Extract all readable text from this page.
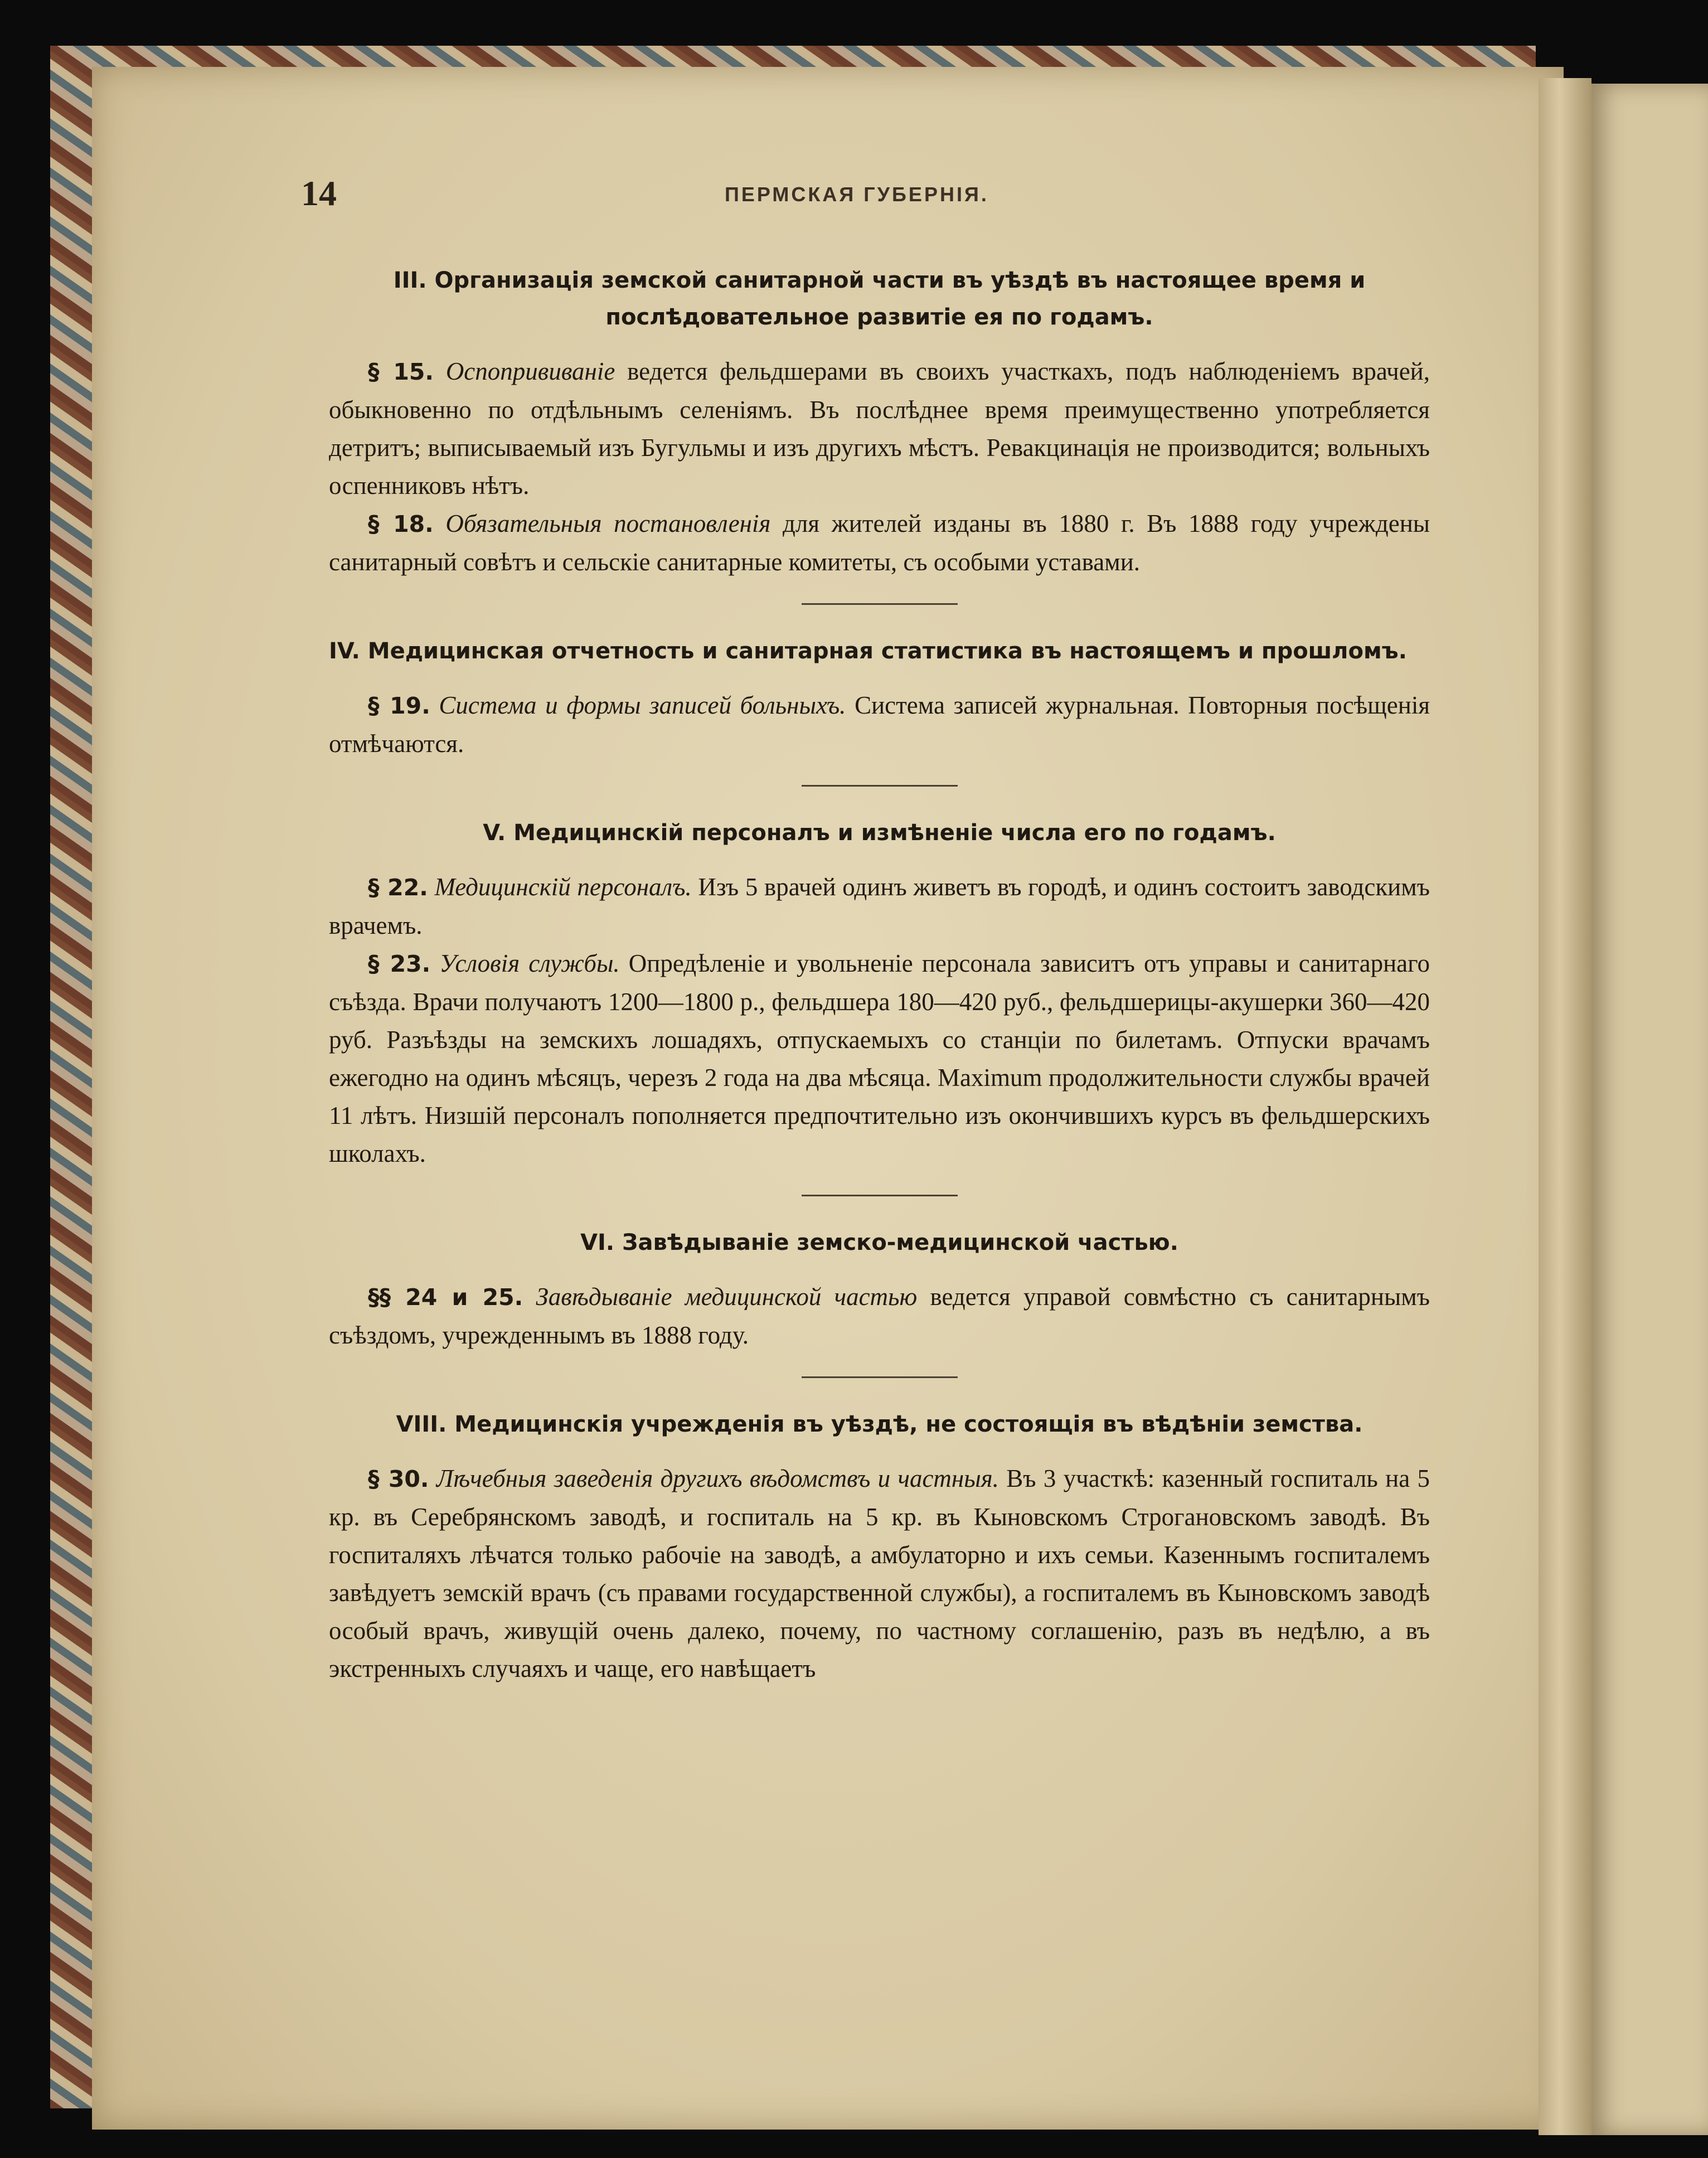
14	ПЕРМСКАЯ ГУБЕРНІЯ.
III. Организація земской санитарной части въ уѣздѣ въ настоящее время и послѣдовательное развитіе ея по годамъ.

§ 15. Оспопрививаніе ведется фельдшерами въ своихъ участкахъ, подъ наблюденіемъ врачей, обыкновенно по отдѣльнымъ селеніямъ. Въ послѣднее время преимущественно употребляется детритъ; выписываемый изъ Бугульмы и изъ другихъ мѣстъ. Ревакцинація не производится; вольныхъ оспенниковъ нѣтъ.

§ 18. Обязательныя постановленія для жителей изданы въ 1880 г. Въ 1888 году учреждены санитарный совѣтъ и сельскіе санитарные комитеты, съ особыми уставами.

IV. Медицинская отчетность и санитарная статистика въ настоящемъ и прошломъ.

§ 19. Система и формы записей больныхъ. Система записей журнальная. Повторныя посѣщенія отмѣчаются.

V. Медицинскій персоналъ и измѣненіе числа его по годамъ.

§ 22. Медицинскій персоналъ. Изъ 5 врачей одинъ живетъ въ городѣ, и одинъ состоитъ заводскимъ врачемъ.

§ 23. Условія службы. Опредѣленіе и увольненіе персонала зависитъ отъ управы и санитарнаго съѣзда. Врачи получаютъ 1200—1800 р., фельдшера 180—420 руб., фельдшерицы-акушерки 360—420 руб. Разъѣзды на земскихъ лошадяхъ, отпускаемыхъ со станціи по билетамъ. Отпуски врачамъ ежегодно на одинъ мѣсяцъ, черезъ 2 года на два мѣсяца. Maximum продолжительности службы врачей 11 лѣтъ. Низшій персоналъ пополняется предпочтительно изъ окончившихъ курсъ въ фельдшерскихъ школахъ.

VI. Завѣдываніе земско-медицинской частью.

§§ 24 и 25. Завѣдываніе медицинской частью ведется управой совмѣстно съ санитарнымъ съѣздомъ, учрежденнымъ въ 1888 году.

VIII. Медицинскія учрежденія въ уѣздѣ, не состоящія въ вѣдѣніи земства.

§ 30. Лѣчебныя заведенія другихъ вѣдомствъ и частныя. Въ 3 участкѣ: казенный госпиталь на 5 кр. въ Серебрянскомъ заводѣ, и госпиталь на 5 кр. въ Кыновскомъ Строгановскомъ заводѣ. Въ госпиталяхъ лѣчатся только рабочіе на заводѣ, а амбулаторно и ихъ семьи. Казеннымъ госпиталемъ завѣдуетъ земскій врачъ (съ правами государственной службы), а госпиталемъ въ Кыновскомъ заводѣ особый врачъ, живущій очень далеко, почему, по частному соглашенію, разъ въ недѣлю, а въ экстренныхъ случаяхъ и чаще, его навѣщаетъ
